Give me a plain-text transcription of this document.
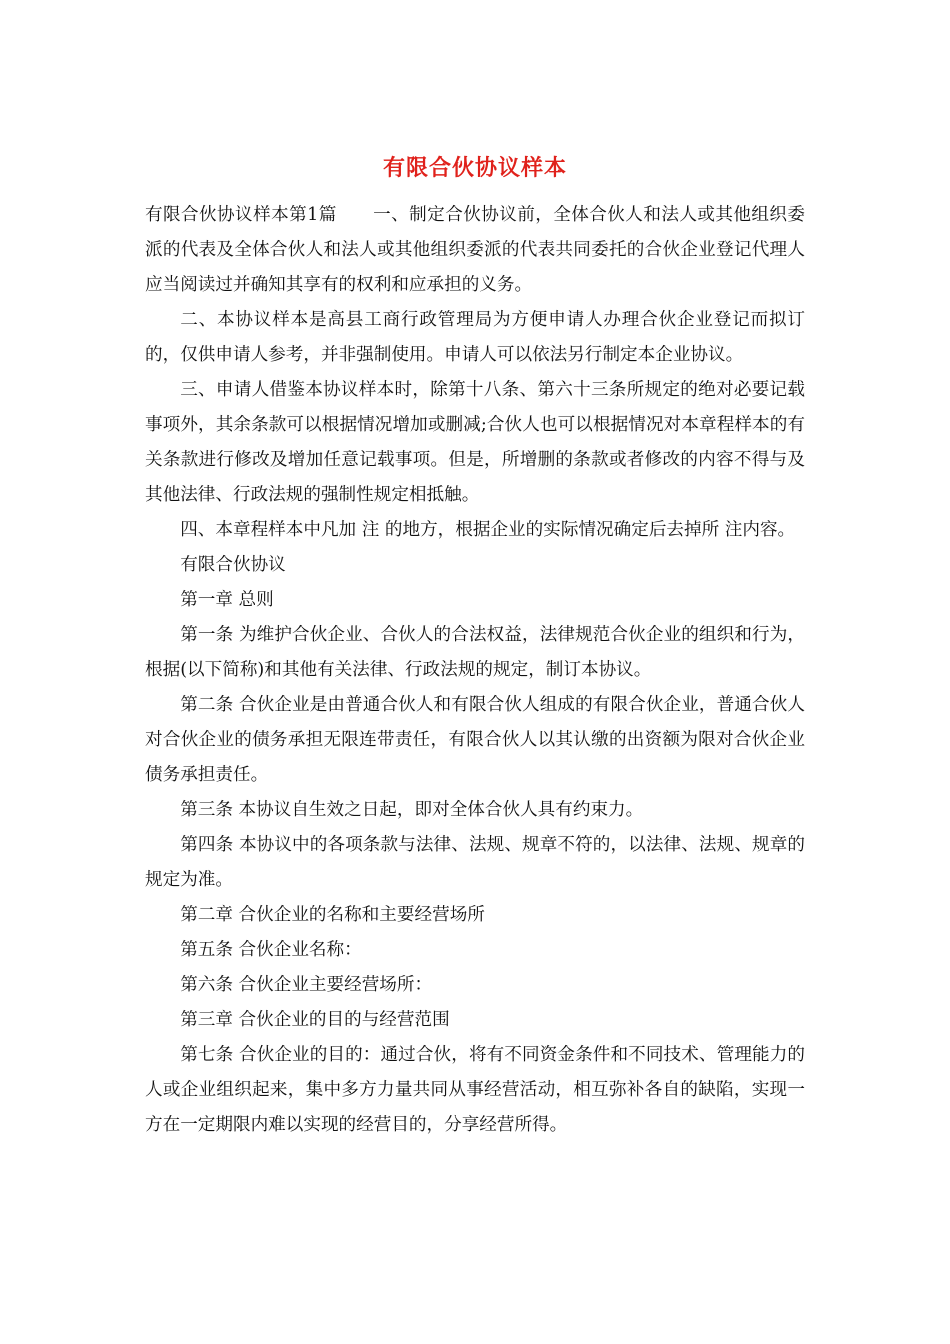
有限合伙协议样本

有限合伙协议样本第1篇 一、制定合伙协议前，全体合伙人和法人或其他组织委派的代表及全体合伙人和法人或其他组织委派的代表共同委托的合伙企业登记代理人应当阅读过并确知其享有的权利和应承担的义务。

二、本协议样本是高县工商行政管理局为方便申请人办理合伙企业登记而拟订的，仅供申请人参考，并非强制使用。申请人可以依法另行制定本企业协议。

三、申请人借鉴本协议样本时，除第十八条、第六十三条所规定的绝对必要记载事项外，其余条款可以根据情况增加或删减;合伙人也可以根据情况对本章程样本的有关条款进行修改及增加任意记载事项。但是，所增删的条款或者修改的内容不得与及其他法律、行政法规的强制性规定相抵触。

四、本章程样本中凡加 注 的地方，根据企业的实际情况确定后去掉所 注内容。

有限合伙协议

第一章 总则

第一条 为维护合伙企业、合伙人的合法权益，法律规范合伙企业的组织和行为，根据(以下简称)和其他有关法律、行政法规的规定，制订本协议。

第二条 合伙企业是由普通合伙人和有限合伙人组成的有限合伙企业，普通合伙人对合伙企业的债务承担无限连带责任，有限合伙人以其认缴的出资额为限对合伙企业债务承担责任。

第三条 本协议自生效之日起，即对全体合伙人具有约束力。

第四条 本协议中的各项条款与法律、法规、规章不符的，以法律、法规、规章的规定为准。

第二章 合伙企业的名称和主要经营场所

第五条 合伙企业名称：

第六条 合伙企业主要经营场所：

第三章 合伙企业的目的与经营范围

第七条 合伙企业的目的：通过合伙，将有不同资金条件和不同技术、管理能力的人或企业组织起来，集中多方力量共同从事经营活动，相互弥补各自的缺陷，实现一方在一定期限内难以实现的经营目的，分享经营所得。
